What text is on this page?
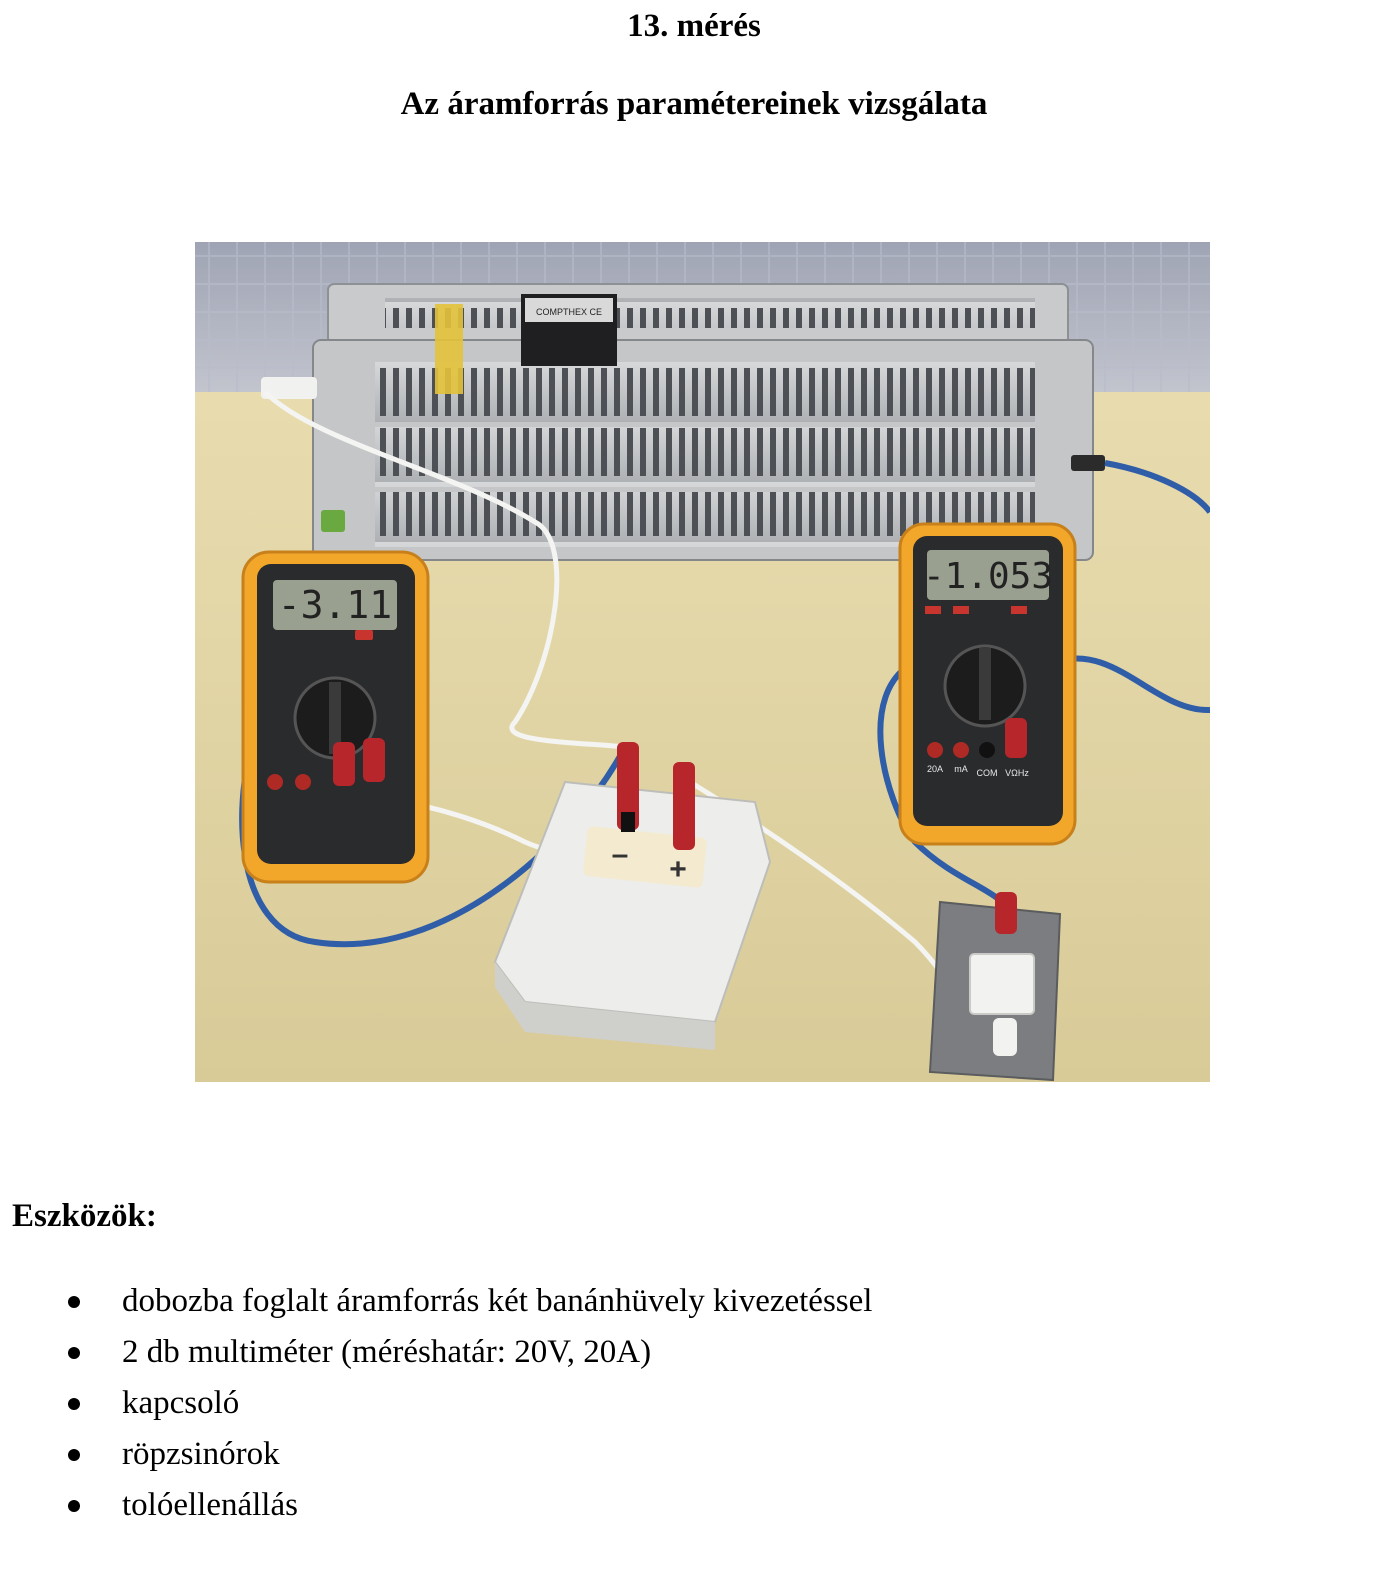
13. mérés
Az áramforrás paramétereinek vizsgálata
COMPTHEX CE
-3.11
-1.053
20A mA COM VΩHz
– +
Eszközök:
dobozba foglalt áramforrás két banánhüvely kivezetéssel
2 db multiméter (méréshatár: 20V, 20A)
kapcsoló
röpzsinórok
tolóellenállás
